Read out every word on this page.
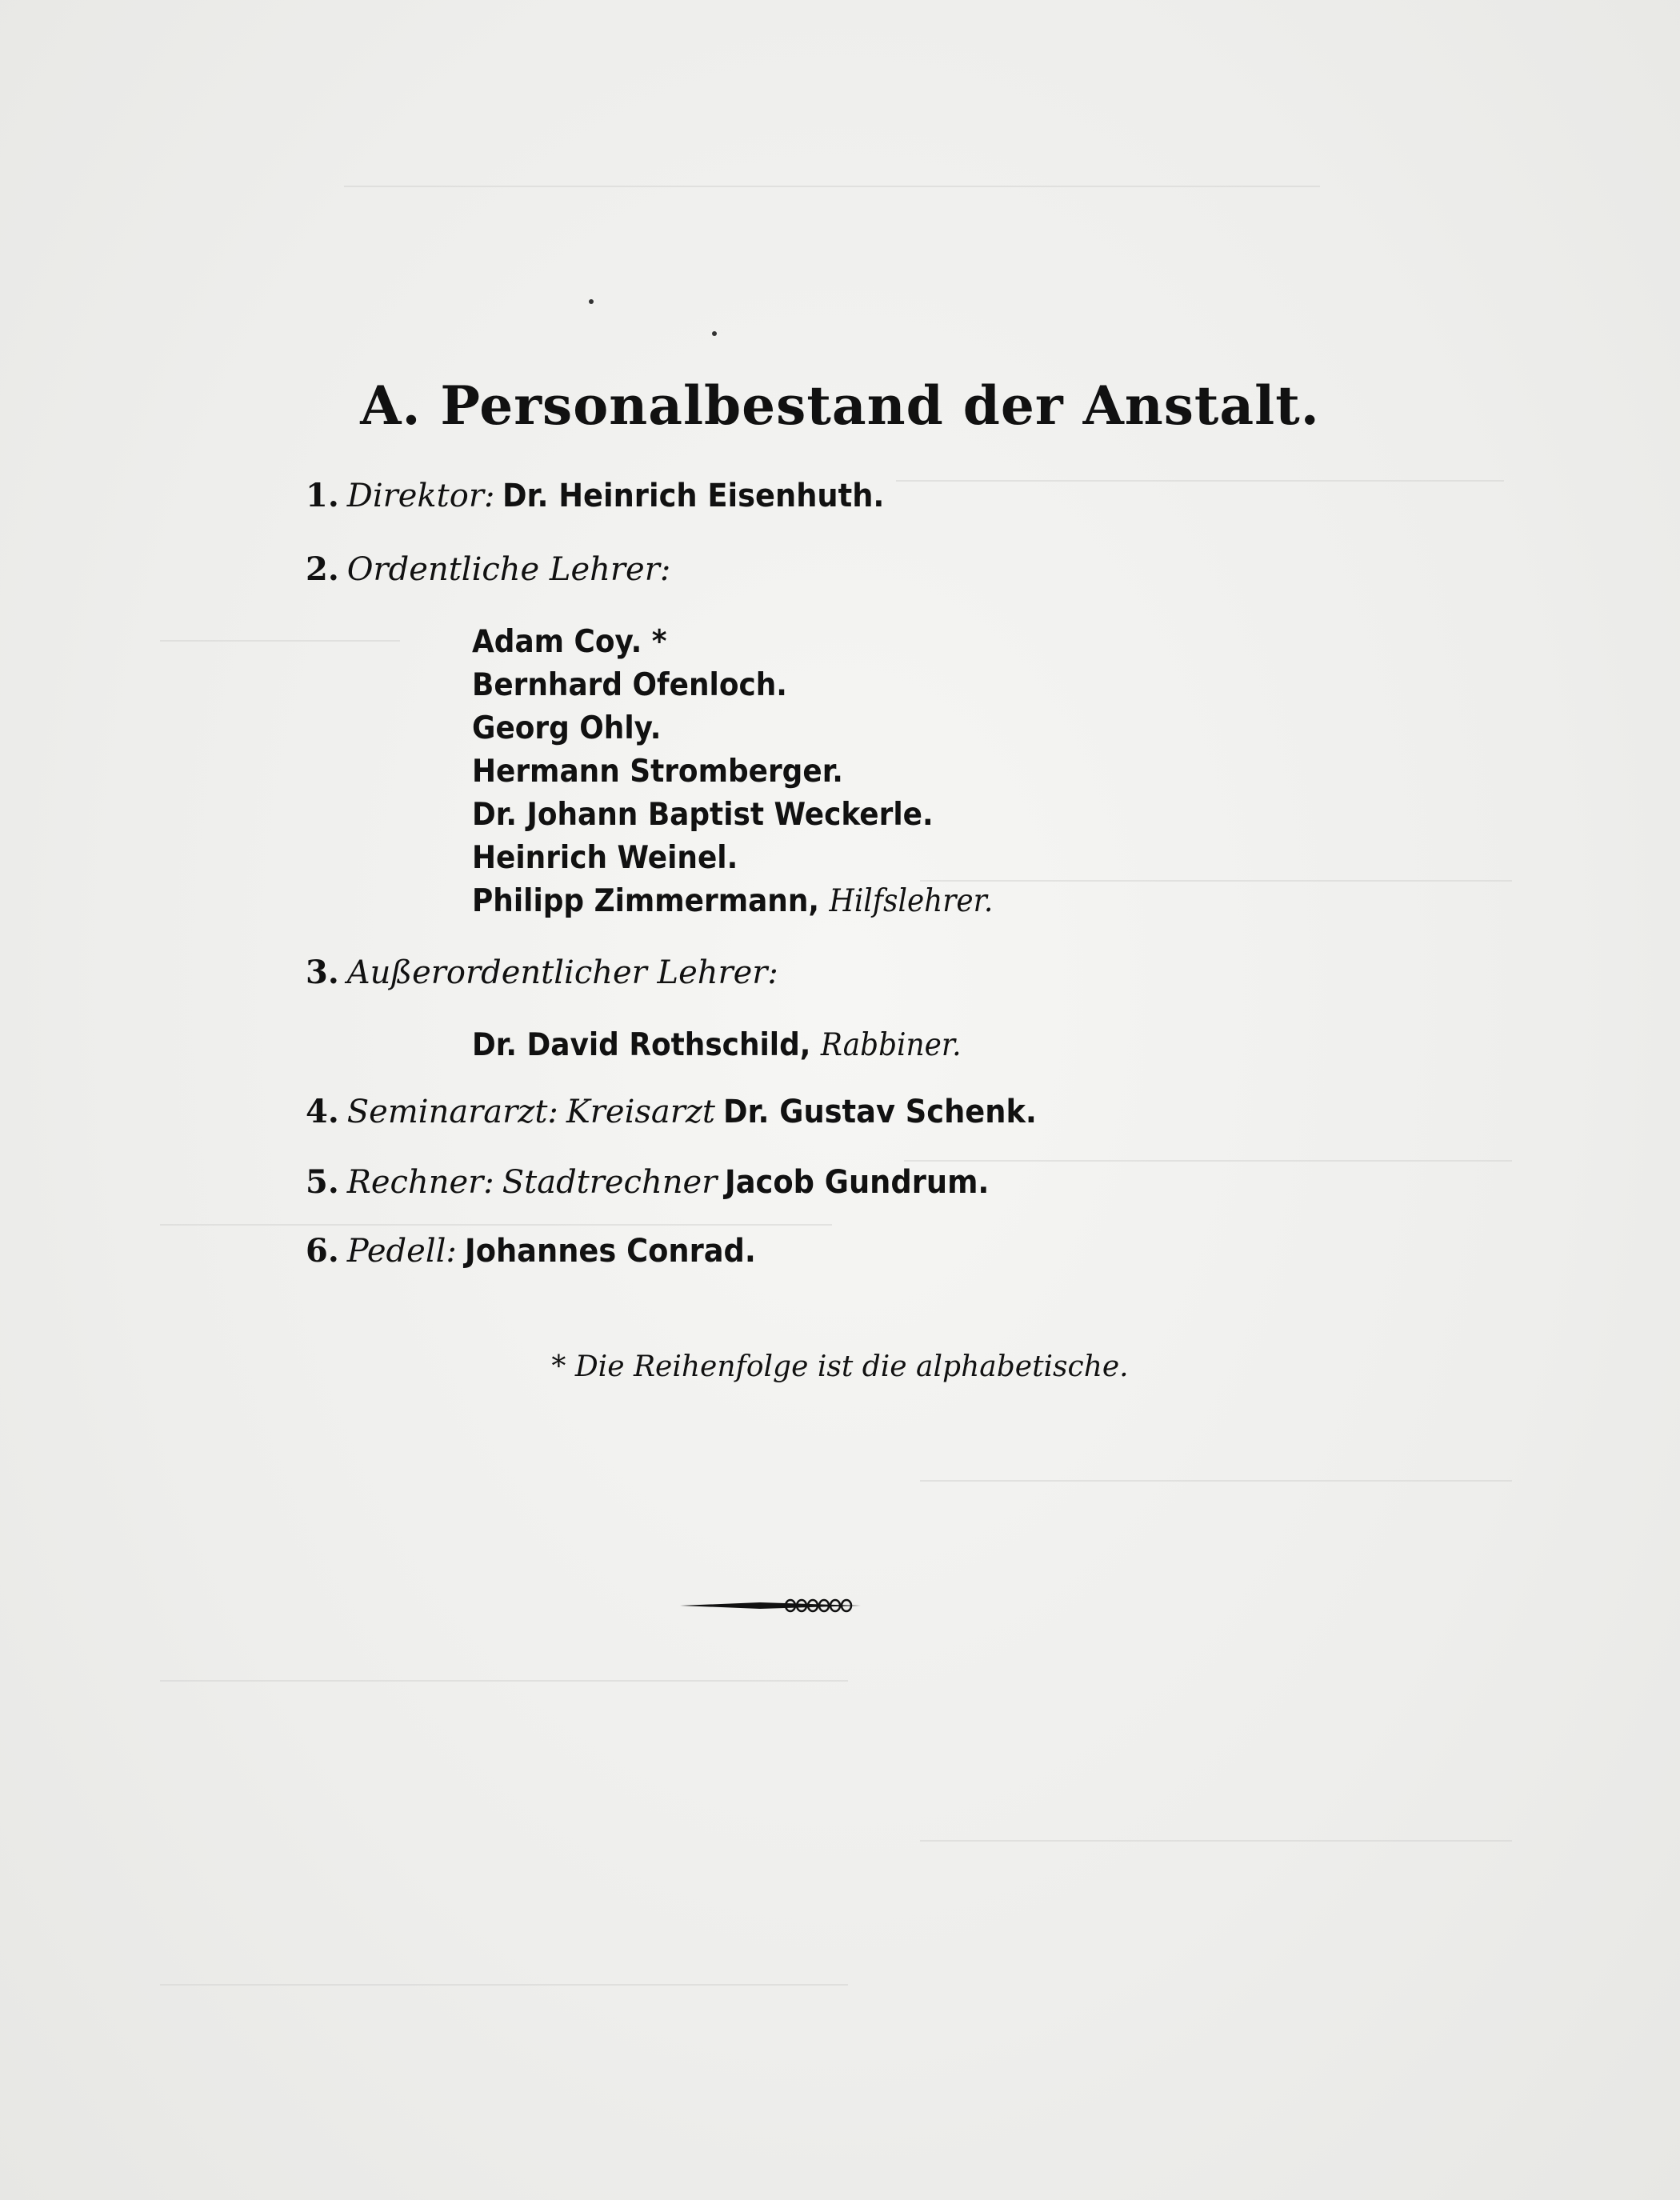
A. Personalbestand der Anstalt.
1. Direktor: Dr. Heinrich Eisenhuth.
2. Ordentliche Lehrer:
Adam Coy. *
Bernhard Ofenloch.
Georg Ohly.
Hermann Stromberger.
Dr. Johann Baptist Weckerle.
Heinrich Weinel.
Philipp Zimmermann, Hilfslehrer.
3. Außerordentlicher Lehrer:
Dr. David Rothschild, Rabbiner.
4. Seminararzt: Kreisarzt Dr. Gustav Schenk.
5. Rechner: Stadtrechner Jacob Gundrum.
6. Pedell: Johannes Conrad.
* Die Reihenfolge ist die alphabetische.
